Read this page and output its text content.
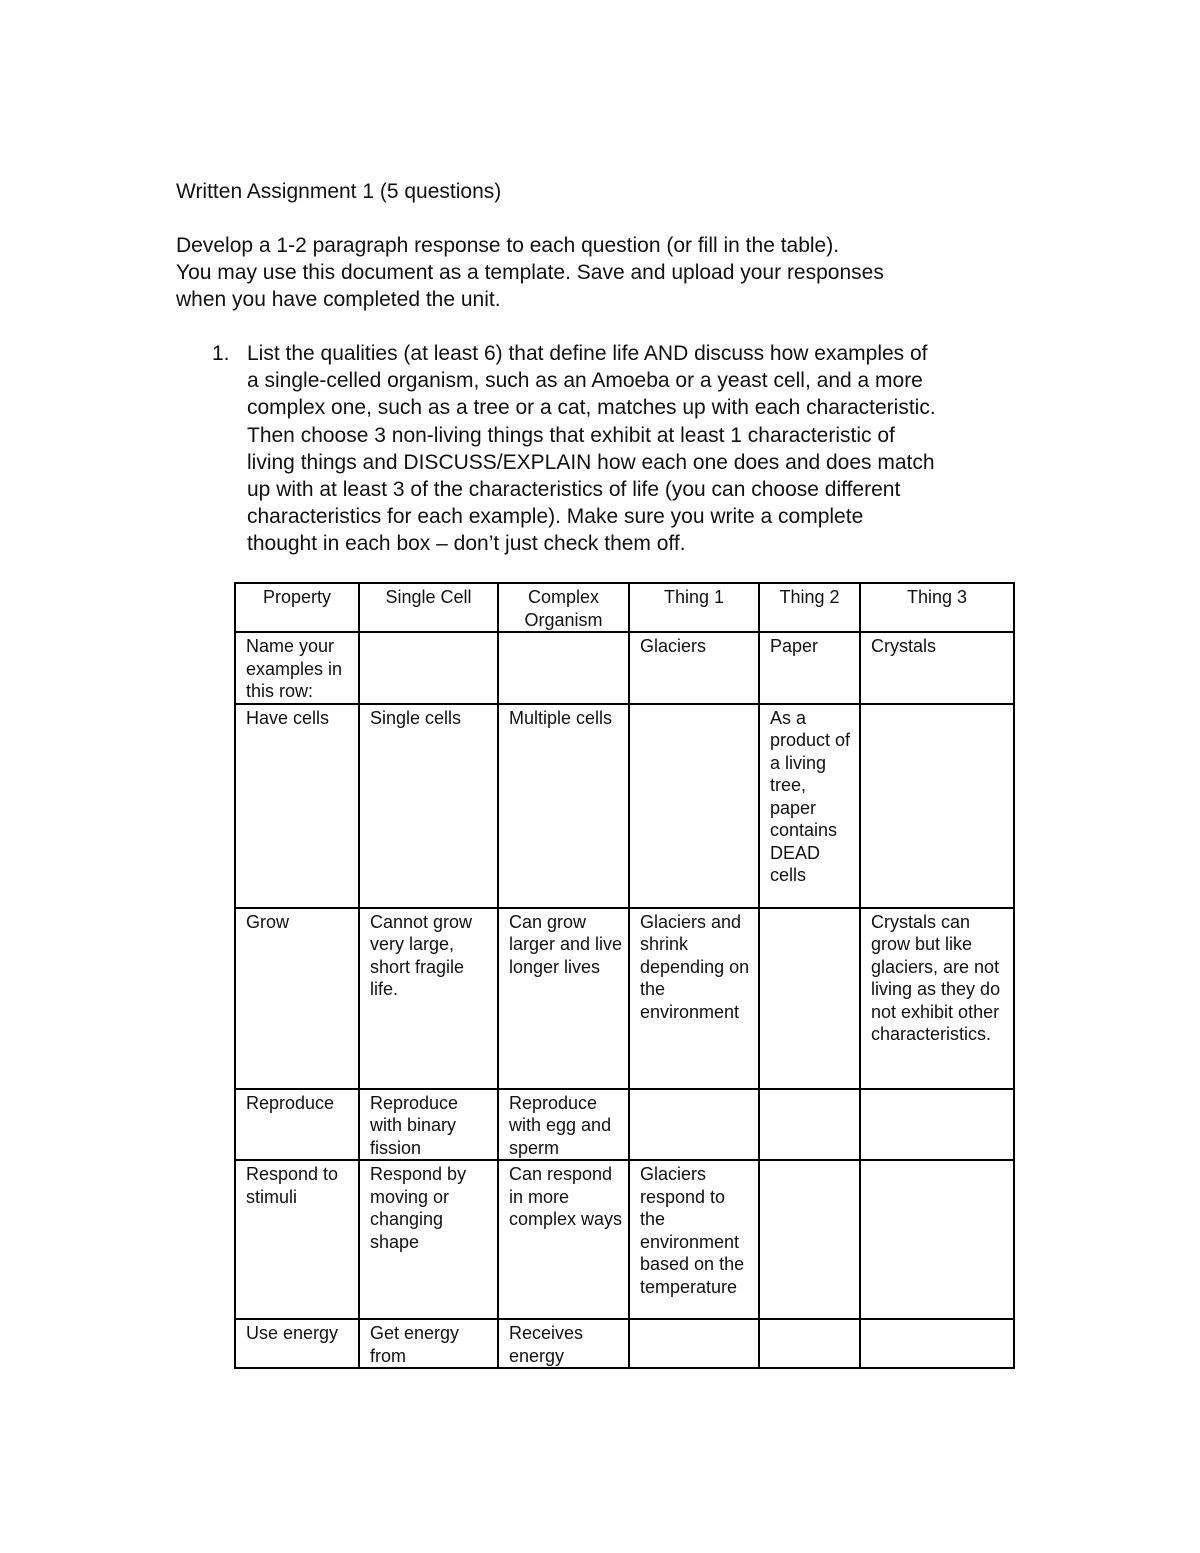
Written Assignment 1 (5 questions)
Develop a 1-2 paragraph response to each question (or fill in the table).
You may use this document as a template. Save and upload your responses
when you have completed the unit.
1. List the qualities (at least 6) that define life AND discuss how examples of
a single-celled organism, such as an Amoeba or a yeast cell, and a more
complex one, such as a tree or a cat, matches up with each characteristic.
Then choose 3 non-living things that exhibit at least 1 characteristic of
living things and DISCUSS/EXPLAIN how each one does and does match
up with at least 3 of the characteristics of life (you can choose different
characteristics for each example). Make sure you write a complete
thought in each box – don’t just check them off.
Property	Single Cell	Complex Organism	Thing 1	Thing 2	Thing 3
Name your examples in this row:			Glaciers	Paper	Crystals
Have cells	Single cells	Multiple cells		As a product of a living tree, paper contains DEAD cells	
Grow	Cannot grow very large, short fragile life.	Can grow larger and live longer lives	Glaciers and shrink depending on the environment		Crystals can grow but like glaciers, are not living as they do not exhibit other characteristics.
Reproduce	Reproduce with binary fission	Reproduce with egg and sperm			
Respond to stimuli	Respond by moving or changing shape	Can respond in more complex ways	Glaciers respond to the environment based on the temperature		
Use energy	Get energy from	Receives energy			
